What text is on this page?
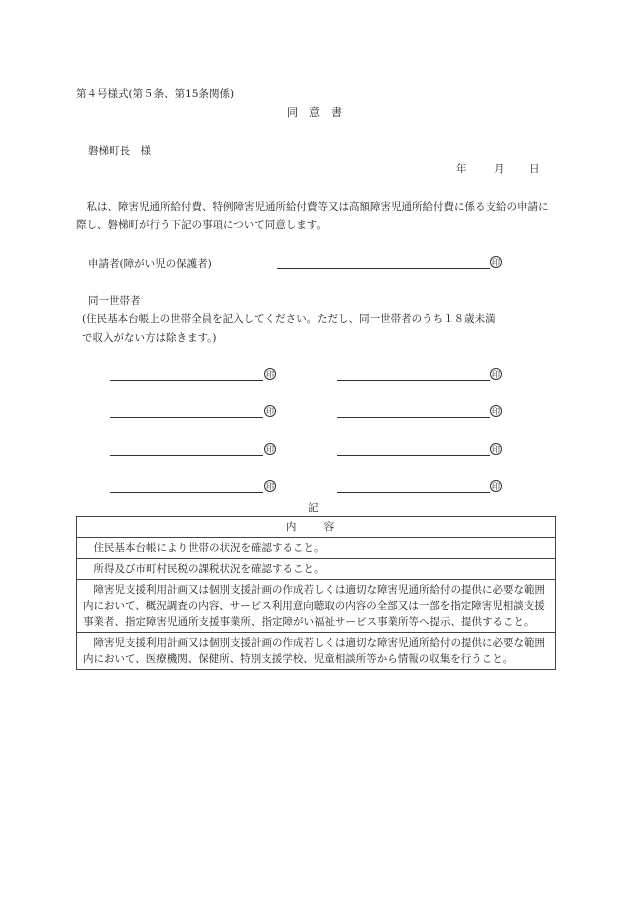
第４号様式(第５条、第15条関係)
同　意　書
磐梯町長　様
年	月 日
私は、障害児通所給付費、特例障害児通所給付費等又は高額障害児通所給付費に係る支給の申請に際し、磐梯町が行う下記の事項について同意します。
申請者(障がい児の保護者)	印
同一世帯者
(住民基本台帳上の世帯全員を記入してください。ただし、同一世帯者のうち１８歳未満
で収入がない方は除きます。)
印	印
印	印
印	印
印	印
記
内 容
住民基本台帳により世帯の状況を確認すること。
所得及び市町村民税の課税状況を確認すること。
障害児支援利用計画又は個別支援計画の作成若しくは適切な障害児通所給付の提供に必要な範囲内において、概況調査の内容、サービス利用意向聴取の内容の全部又は一部を指定障害児相談支援事業者、指定障害児通所支援事業所、指定障がい福祉サービス事業所等へ提示、提供すること。
障害児支援利用計画又は個別支援計画の作成若しくは適切な障害児通所給付の提供に必要な範囲内において、医療機関、保健所、特別支援学校、児童相談所等から情報の収集を行うこと。
